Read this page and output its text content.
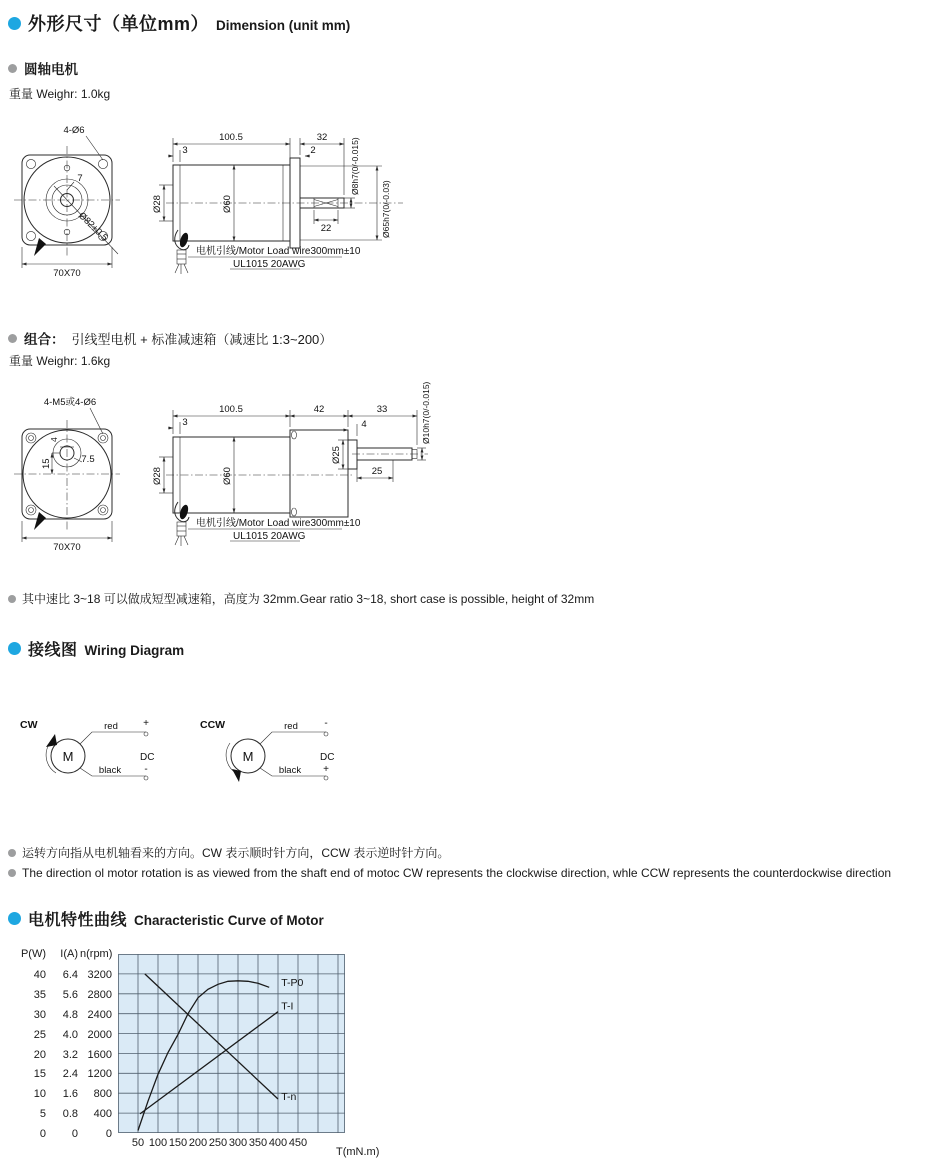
外形尺寸（单位mm） Dimension (unit mm)
圆轴电机
重量 Weighr: 1.0kg
4-Ø6
7
Ø82±0.5
70X70
100.5	32
3	2
Ø28	Ø60
Ø8h7(0/-0.015)
Ø65h7(0/-0.03)
22
电机引线/Motor Load wire300mm±10
UL1015 20AWG
组合： 引线型电机 + 标准减速箱（减速比 1:3~200）
重量 Weighr: 1.6kg
4-M5或4-Ø6
4
15	7.5
70X70
100.5	42	33
3	4
Ø28	Ø60
Ø25
25
Ø10h7(0/-0.015)
电机引线/Motor Load wire300mm±10
UL1015 20AWG
其中速比 3~18 可以做成短型减速箱，高度为 32mm.Gear ratio 3~18, short case is possible, height of 32mm
接线图 Wiring Diagram
CW
M
red	+
black -
DC
CCW
M
red	-
black +
DC
运转方向指从电机轴看来的方向。CW 表示顺时针方向，CCW 表示逆时针方向。
The direction ol motor rotation is as viewed from the shaft end of motoc CW represents the clockwise direction, whle CCW represents the counterdockwise direction
电机特性曲线 Characteristic Curve of Motor
P(W)
40
35
30
25
20
15
10
5
0
I(A)
6.4
5.6
4.8
4.0
3.2
2.4
1.6
0.8
0
n(rpm)
3200
2800
2400
2000
1600
1200
800
400
0
T-P0
T-I
T-n
50 100 150 200 250 300 350 400 450
T(mN.m)
